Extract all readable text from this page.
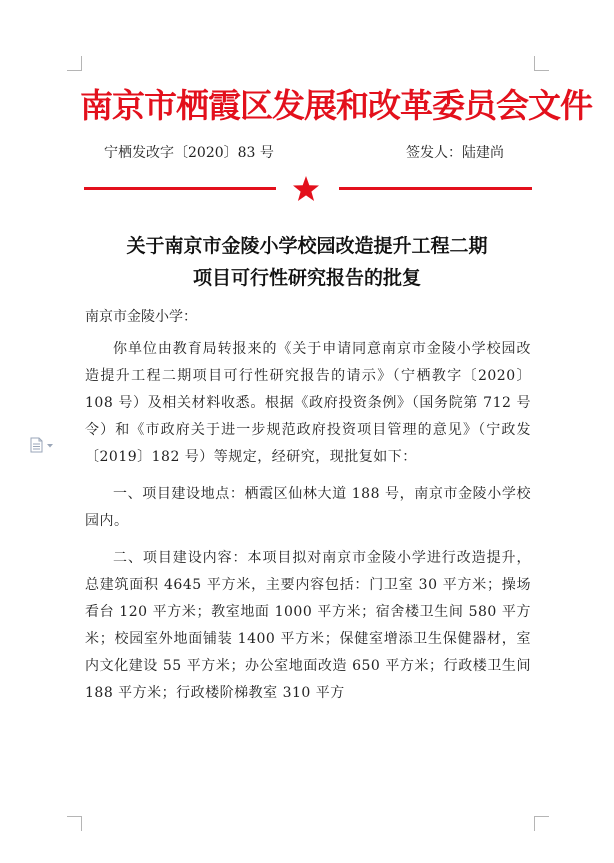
南京市栖霞区发展和改革委员会文件
宁栖发改字〔2020〕83 号	签发人：陆建尚
关于南京市金陵小学校园改造提升工程二期
项目可行性研究报告的批复
南京市金陵小学：

你单位由教育局转报来的《关于申请同意南京市金陵小学校园改造提升工程二期项目可行性研究报告的请示》（宁栖教字〔2020〕108 号）及相关材料收悉。根据《政府投资条例》（国务院第 712 号令）和《市政府关于进一步规范政府投资项目管理的意见》（宁政发〔2019〕182 号）等规定，经研究，现批复如下：

一、项目建设地点：栖霞区仙林大道 188 号，南京市金陵小学校园内。

二、项目建设内容：本项目拟对南京市金陵小学进行改造提升，总建筑面积 4645 平方米，主要内容包括：门卫室 30 平方米；操场看台 120 平方米；教室地面 1000 平方米；宿舍楼卫生间 580 平方米；校园室外地面铺装 1400 平方米；保健室增添卫生保健器材，室内文化建设 55 平方米；办公室地面改造 650 平方米；行政楼卫生间 188 平方米；行政楼阶梯教室 310 平方
